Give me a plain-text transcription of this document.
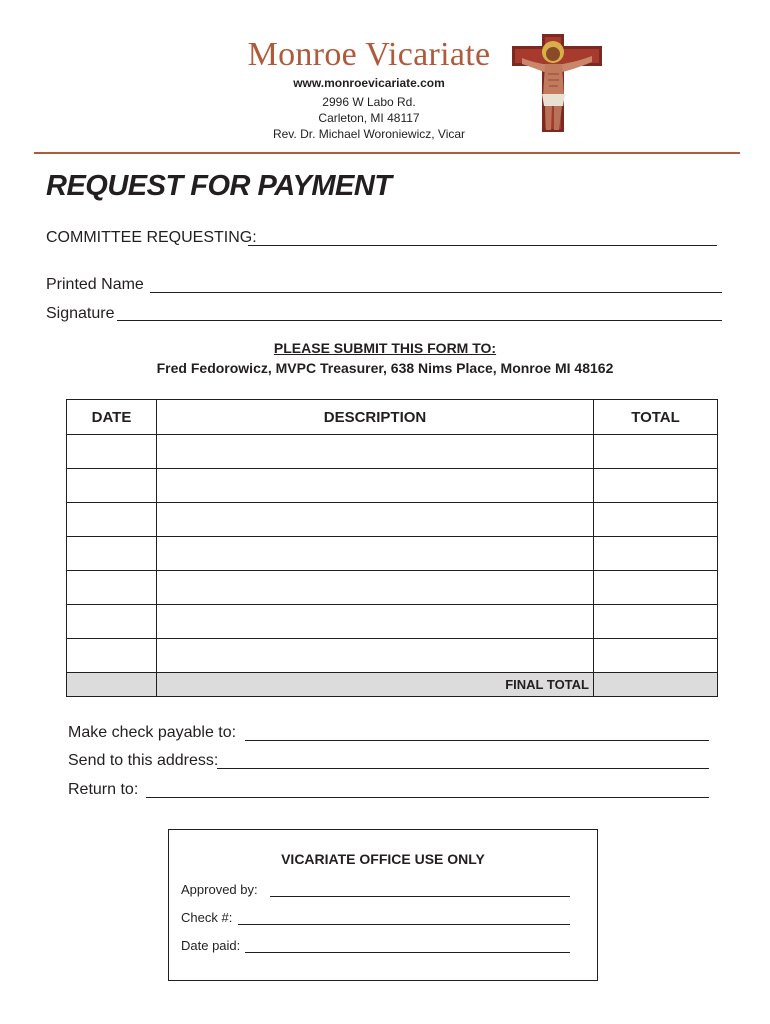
Monroe Vicariate
www.monroevicariate.com
2996 W Labo Rd.
Carleton, MI 48117
Rev. Dr. Michael Woroniewicz, Vicar
REQUEST FOR PAYMENT
COMMITTEE REQUESTING:
Printed Name
Signature
PLEASE SUBMIT THIS FORM TO:
Fred Fedorowicz, MVPC Treasurer, 638 Nims Place, Monroe MI 48162
DATE	DESCRIPTION	TOTAL

	FINAL TOTAL	
Make check payable to:
Send to this address:
Return to:
VICARIATE OFFICE USE ONLY
Approved by:
Check #:
Date paid:
